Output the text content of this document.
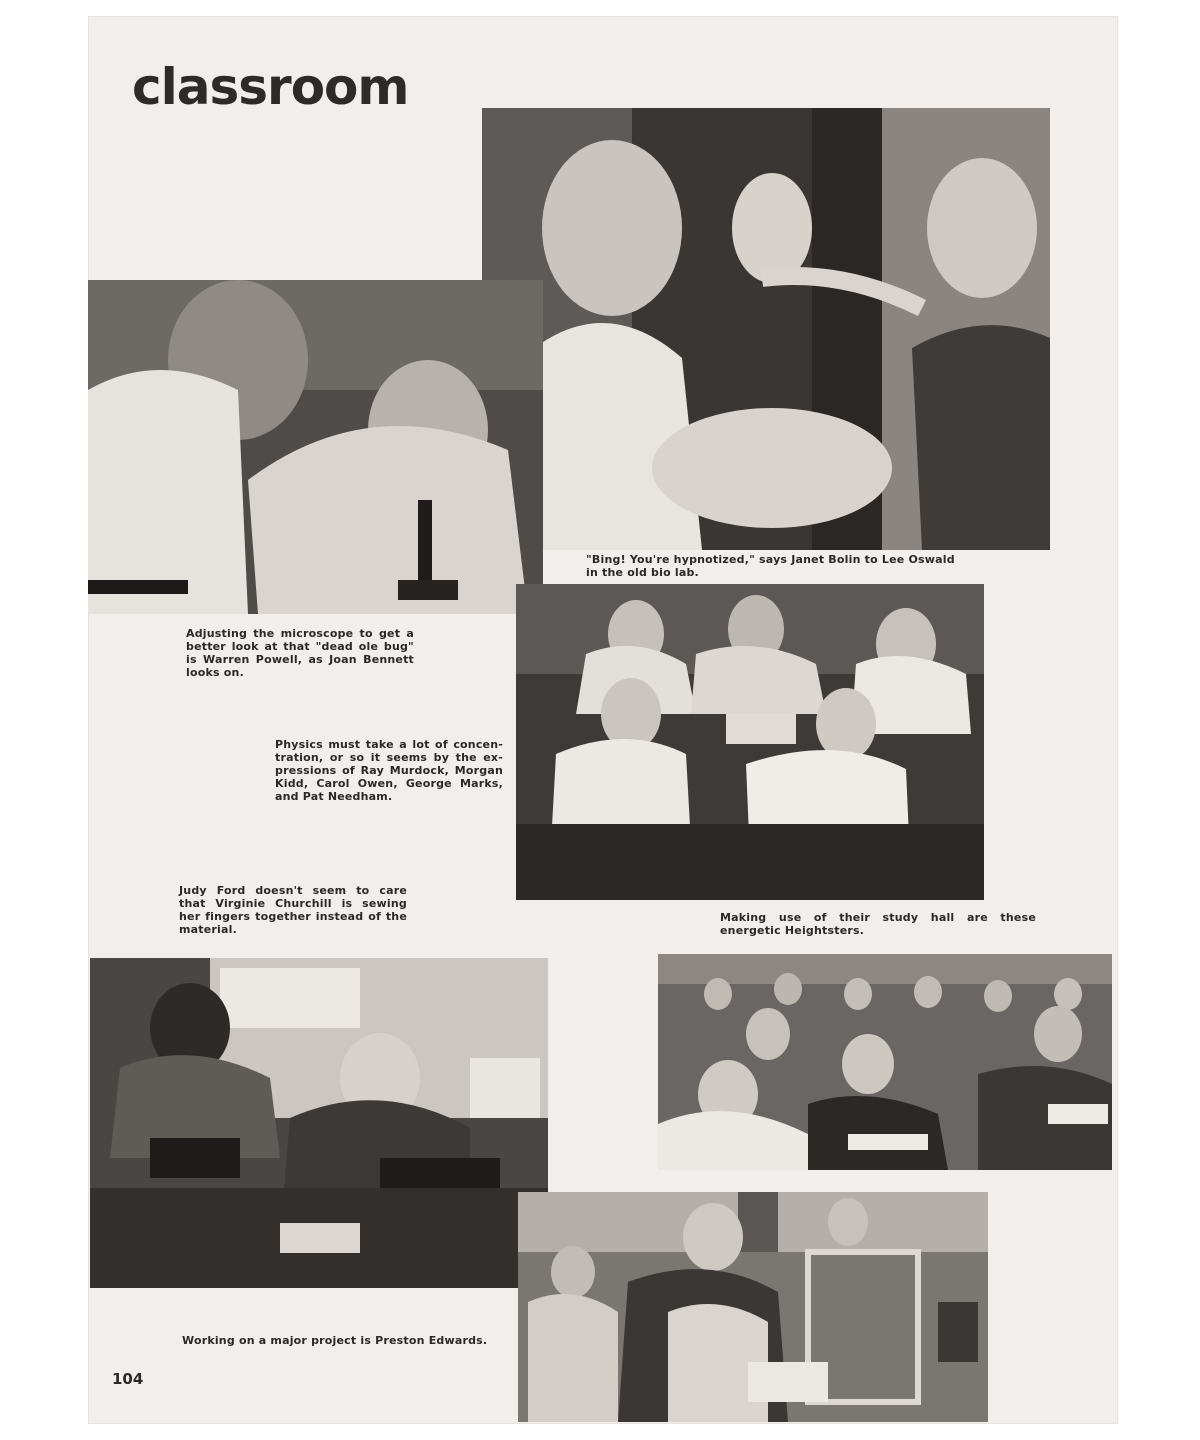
classroom
"Bing! You're hypnotized," says Janet Bolin to Lee Oswald
in the old bio lab.
Adjusting the microscope to get a
better look at that "dead ole bug"
is Warren Powell, as Joan Bennett
looks on.
Physics must take a lot of concen-
tration, or so it seems by the ex-
pressions of Ray Murdock, Morgan
Kidd, Carol Owen, George Marks,
and Pat Needham.
Judy Ford doesn't seem to care
that Virginie Churchill is sewing
her fingers together instead of the
material.
Making use of their study hall are these
energetic Heightsters.
Working on a major project is Preston Edwards.
104
